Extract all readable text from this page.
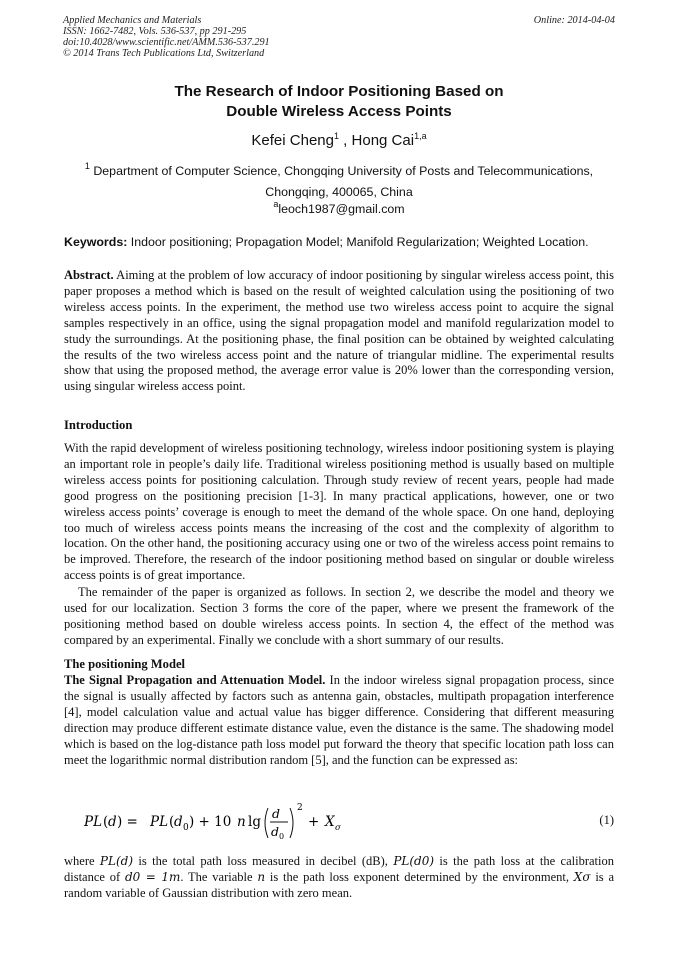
Applied Mechanics and Materials
ISSN: 1662-7482, Vols. 536-537, pp 291-295
doi:10.4028/www.scientific.net/AMM.536-537.291
© 2014 Trans Tech Publications Ltd, Switzerland
Online: 2014-04-04
The Research of Indoor Positioning Based on
Double Wireless Access Points
Kefei Cheng$^1$ , Hong Cai$^{1,a}$
$^1$ Department of Computer Science, Chongqing University of Posts and Telecommunications,
Chongqing, 400065, China
$^a$leoch1987@gmail.com
Keywords: Indoor positioning; Propagation Model; Manifold Regularization; Weighted Location.
Abstract. Aiming at the problem of low accuracy of indoor positioning by singular wireless access point, this paper proposes a method which is based on the result of weighted calculation using the positioning of two wireless access points. In the experiment, the method use two wireless access point to acquire the signal samples respectively in an office, using the signal propagation model and manifold regularization model to study the surroundings. At the positioning phase, the final position can be obtained by weighted calculating the results of the two wireless access point and the nature of triangular midline. The experimental results show that using the proposed method, the average error value is 20% lower than the corresponding version, using singular wireless access point.
Introduction
With the rapid development of wireless positioning technology, wireless indoor positioning system is playing an important role in people’s daily life. Traditional wireless positioning method is usually based on multiple wireless access points for positioning calculation. Through study review of recent years, people had made good progress on the positioning precision [1-3]. In many practical applications, however, one or two wireless access points’ coverage is enough to meet the demand of the whole space. On one hand, deploying too much of wireless access points means the increasing of the cost and the complexity of algorithm to location. On the other hand, the positioning accuracy using one or two of the wireless access point remains to be improved. Therefore, the research of the indoor positioning method based on singular or double wireless access points is of great importance.
The remainder of the paper is organized as follows. In section 2, we describe the model and theory we used for our localization. Section 3 forms the core of the paper, where we present the framework of the positioning method based on double wireless access points. In section 4, the effect of the method was compared by an experimental. Finally we conclude with a short summary of our results.
The positioning Model
The Signal Propagation and Attenuation Model. In the indoor wireless signal propagation process, since the signal is usually affected by factors such as antenna gain, obstacles, multipath propagation interference [4], model calculation value and actual value has bigger difference. Considering that different measuring direction may produce different estimate distance value, even the distance is the same. The shadowing model which is based on the log-distance path loss model put forward the theory that specific location path loss can meet the logarithmic normal distribution random [5], and the function can be expressed as:
PL ( d ) = PL ( d 0 ) + 10 n lg
d
d 0
2
+ X σ
(1)
where PL(d) is the total path loss measured in decibel (dB), PL(d0) is the path loss at the calibration distance of d0 = 1m. The variable n is the path loss exponent determined by the environment, Xσ is a random variable of Gaussian distribution with zero mean.
